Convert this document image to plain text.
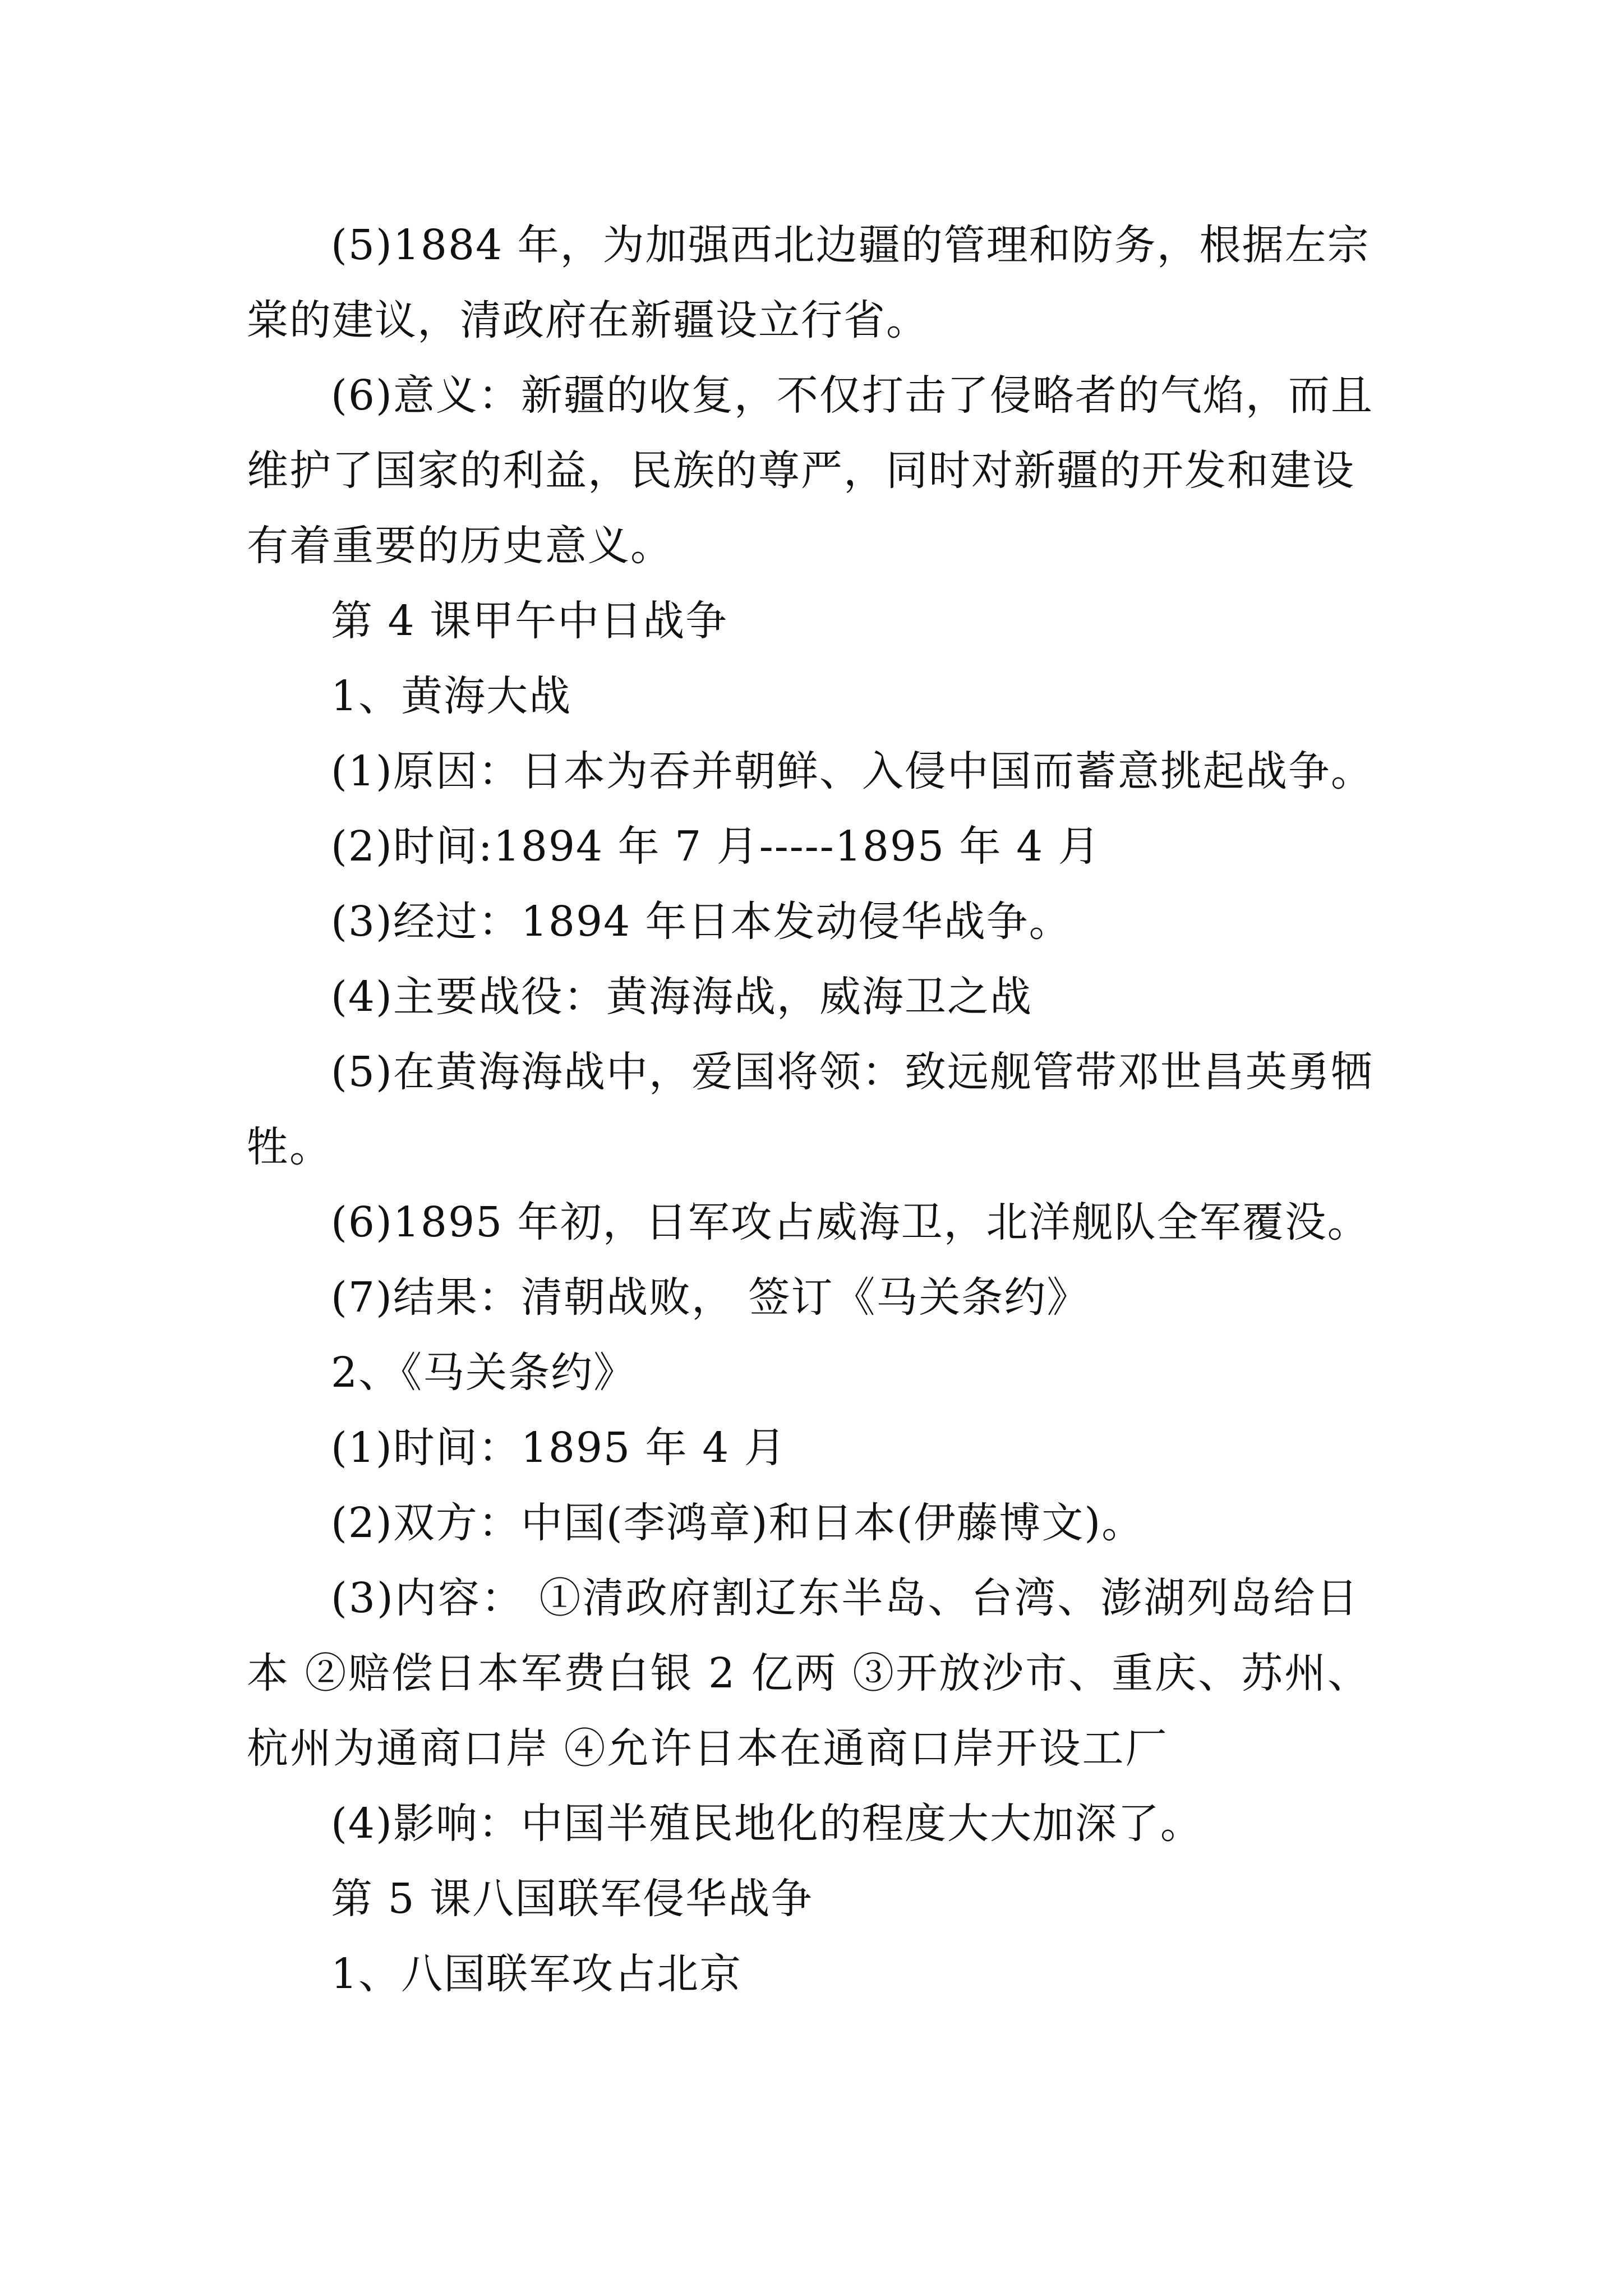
(5)1884 年，为加强西北边疆的管理和防务，根据左宗棠的建议，清政府在新疆设立行省。

(6)意义：新疆的收复，不仅打击了侵略者的气焰，而且维护了国家的利益，民族的尊严，同时对新疆的开发和建设有着重要的历史意义。

第 4 课甲午中日战争

1、黄海大战

(1)原因：日本为吞并朝鲜、入侵中国而蓄意挑起战争。

(2)时间:1894 年 7 月-----1895 年 4 月

(3)经过：1894 年日本发动侵华战争。

(4)主要战役：黄海海战，威海卫之战

(5)在黄海海战中，爱国将领：致远舰管带邓世昌英勇牺牲。

(6)1895 年初，日军攻占威海卫，北洋舰队全军覆没。

(7)结果：清朝战败， 签订《马关条约》

2、《马关条约》

(1)时间：1895 年 4 月

(2)双方：中国(李鸿章)和日本(伊藤博文)。

(3)内容： ①清政府割辽东半岛、台湾、澎湖列岛给日本 ②赔偿日本军费白银 2 亿两 ③开放沙市、重庆、苏州、杭州为通商口岸 ④允许日本在通商口岸开设工厂

(4)影响：中国半殖民地化的程度大大加深了。

第 5 课八国联军侵华战争

1、八国联军攻占北京
